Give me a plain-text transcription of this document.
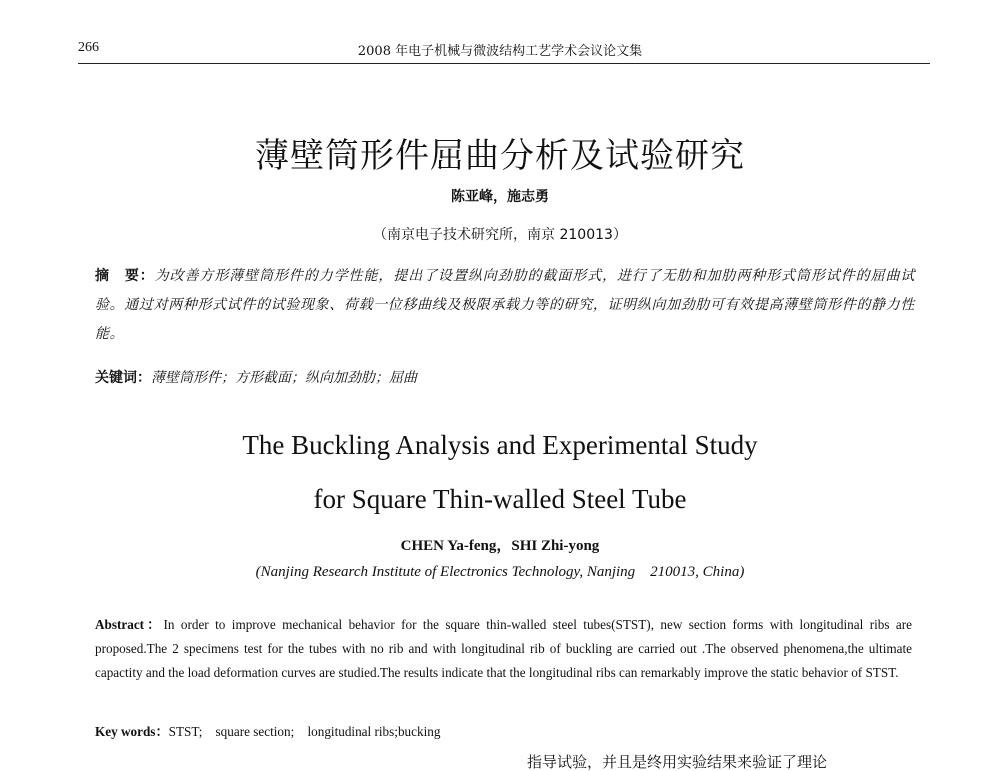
266	2008 年电子机械与微波结构工艺学术会议论文集
薄壁筒形件屈曲分析及试验研究
陈亚峰，施志勇
（南京电子技术研究所，南京 210013）
摘　要：为改善方形薄壁筒形件的力学性能，提出了设置纵向劲肋的截面形式，进行了无肋和加肋两种形式筒形试件的屈曲试验。通过对两种形式试件的试验现象、荷载一位移曲线及极限承载力等的研究，证明纵向加劲肋可有效提高薄壁筒形件的静力性能。
关键词：薄壁筒形件；方形截面；纵向加劲肋；屈曲
The Buckling Analysis and Experimental Study
for Square Thin-walled Steel Tube
CHEN Ya-feng，SHI Zhi-yong
(Nanjing Research Institute of Electronics Technology, Nanjing　210013, China)
Abstract：In order to improve mechanical behavior for the square thin-walled steel tubes(STST), new section forms with longitudinal ribs are proposed.The 2 specimens test for the tubes with no rib and with longitudinal rib of buckling are carried out .The observed phenomena,the ultimate capactity and the load deformation curves are studied.The results indicate that the longitudinal ribs can remarkably improve the static behavior of STST.
Key words：STST;　square section;　longitudinal ribs;bucking
指导试验，并且是终用实验结果来验证了理论
